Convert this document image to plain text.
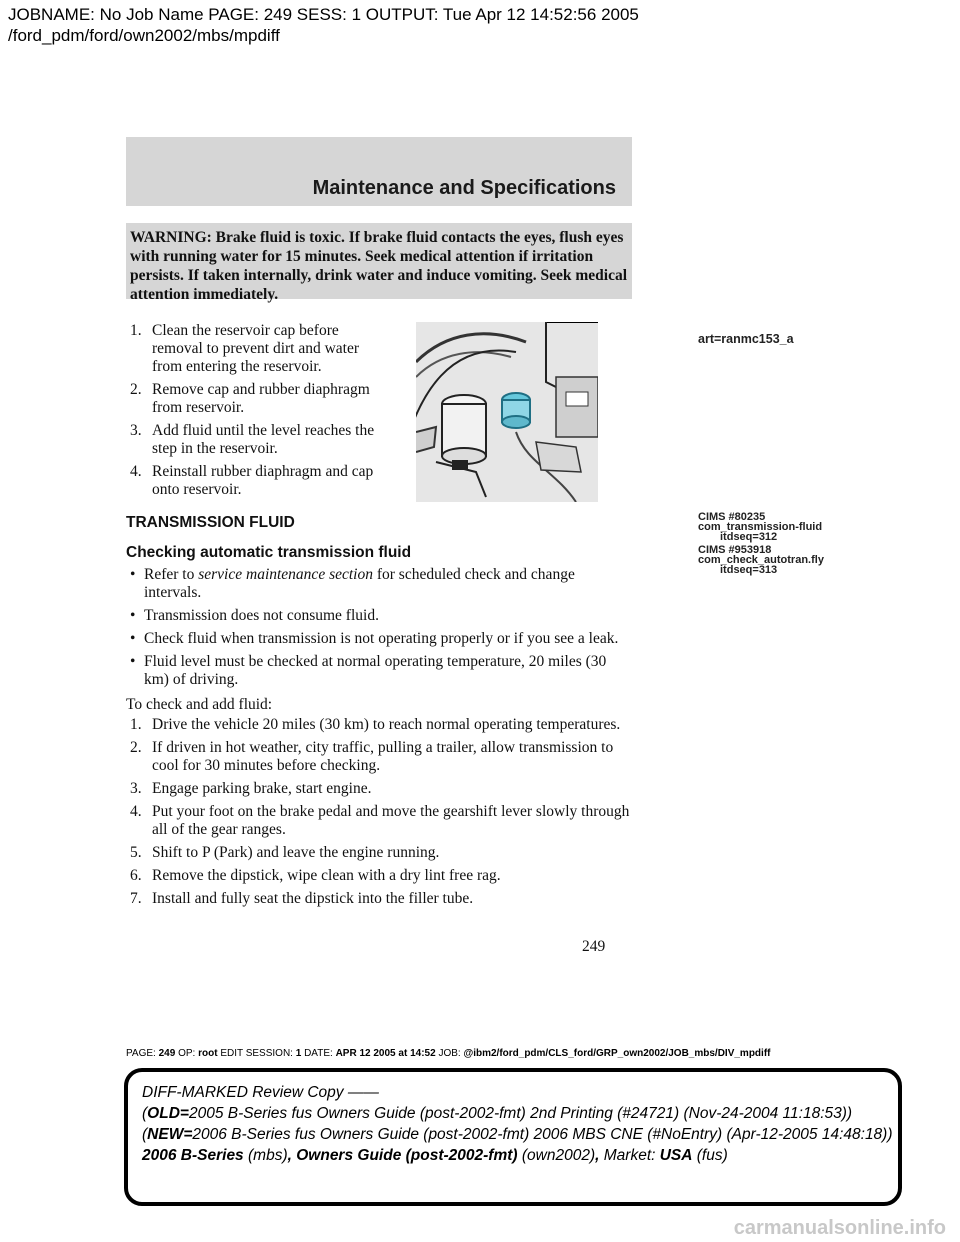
JOBNAME: No Job Name PAGE: 249 SESS: 1 OUTPUT: Tue Apr 12 14:52:56 2005
/ford_pdm/ford/own2002/mbs/mpdiff
Maintenance and Specifications

WARNING: Brake fluid is toxic. If brake fluid contacts the eyes, flush eyes with running water for 15 minutes. Seek medical attention if irritation persists. If taken internally, drink water and induce vomiting. Seek medical attention immediately.

1. Clean the reservoir cap before removal to prevent dirt and water from entering the reservoir.
2. Remove cap and rubber diaphragm from reservoir.
3. Add fluid until the level reaches the step in the reservoir.
4. Reinstall rubber diaphragm and cap onto reservoir.
art=ranmc153_a
TRANSMISSION FLUID
Checking automatic transmission fluid
CIMS #80235
com_transmission-fluid
itdseq=312
CIMS #953918
com_check_autotran.fly
itdseq=313
• Refer to service maintenance section for scheduled check and change intervals.
• Transmission does not consume fluid.
• Check fluid when transmission is not operating properly or if you see a leak.
• Fluid level must be checked at normal operating temperature, 20 miles (30 km) of driving.
To check and add fluid:
1. Drive the vehicle 20 miles (30 km) to reach normal operating temperatures.
2. If driven in hot weather, city traffic, pulling a trailer, allow transmission to cool for 30 minutes before checking.
3. Engage parking brake, start engine.
4. Put your foot on the brake pedal and move the gearshift lever slowly through all of the gear ranges.
5. Shift to P (Park) and leave the engine running.
6. Remove the dipstick, wipe clean with a dry lint free rag.
7. Install and fully seat the dipstick into the filler tube.
249
PAGE: 249 OP: root EDIT SESSION: 1 DATE: APR 12 2005 at 14:52 JOB: @ibm2/ford_pdm/CLS_ford/GRP_own2002/JOB_mbs/DIV_mpdiff
DIFF-MARKED Review Copy ——
(OLD=2005 B-Series fus Owners Guide (post-2002-fmt) 2nd Printing (#24721) (Nov-24-2004 11:18:53))
(NEW=2006 B-Series fus Owners Guide (post-2002-fmt) 2006 MBS CNE (#NoEntry) (Apr-12-2005 14:48:18))
2006 B-Series (mbs), Owners Guide (post-2002-fmt) (own2002), Market: USA (fus)
carmanualsonline.info
